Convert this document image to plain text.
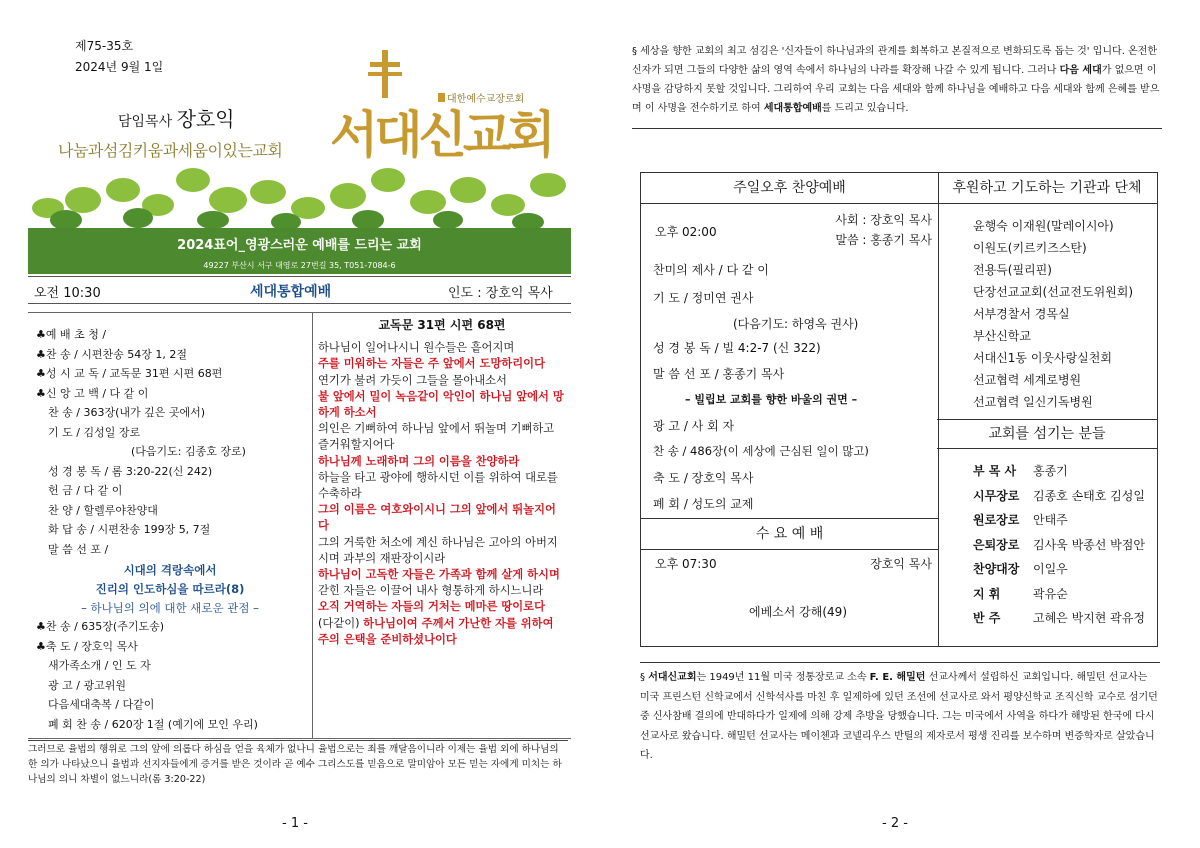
제75-35호
2024년 9월 1일
담임목사 장호익
나눔과섬김키움과세움이있는교회 서대신교회
대한예수교장로회
2024표어_영광스러운 예배를 드리는 교회
49227 부산시 서구 대영로 27번길 35, T051-7084-6
오전 10:30	세대통합예배	인도 : 장호익 목사
♣예 배 초 청 /
♣찬 송 / 시편찬송 54장 1, 2절
♣성 시 교 독 / 교독문 31편 시편 68편
♣신 앙 고 백 / 다 같 이
찬 송 / 363장(내가 깊은 곳에서)
기 도 / 김성일 장로
(다음기도: 김종호 장로)
성 경 봉 독 / 롬 3:20-22(신 242)
헌 금 / 다 같 이
찬 양 / 할렐루야찬양대
화 답 송 / 시편찬송 199장 5, 7절
말 씀 선 포 /
시대의 격랑속에서
진리의 인도하심을 따르라(8)
– 하나님의 의에 대한 새로운 관점 –
♣찬 송 / 635장(주기도송)
♣축 도 / 장호익 목사
새가족소개 / 인 도 자
광 고 / 광고위원
다음세대축복 / 다같이
폐 회 찬 송 / 620장 1절 (예기에 모인 우리)
교독문 31편 시편 68편
하나님이 일어나시니 원수들은 흩어지며
주를 미워하는 자들은 주 앞에서 도망하리이다
연기가 불려 가듯이 그들을 몰아내소서
불 앞에서 밀이 녹음같이 악인이 하나님 앞에서 망하게 하소서
의인은 기뻐하여 하나님 앞에서 뛰놀며 기뻐하고 즐거워할지어다
하나님께 노래하며 그의 이름을 찬양하라
하늘을 타고 광야에 행하시던 이를 위하여 대로를 수축하라
그의 이름은 여호와이시니 그의 앞에서 뛰놀지어다
그의 거룩한 처소에 계신 하나님은 고아의 아버지시며 과부의 재판장이시라
하나님이 고독한 자들은 가족과 함께 살게 하시며
갇힌 자들은 이끌어 내사 형통하게 하시느니라
오직 거역하는 자들의 거처는 메마른 땅이로다
(다같이) 하나님이여 주께서 가난한 자를 위하여 주의 은택을 준비하셨나이다
그러므로 율법의 행위로 그의 앞에 의롭다 하심을 얻을 육체가 없나니 율법으로는 죄를 깨달음이니라 이제는 율법 외에 하나님의 한 의가 나타났으니 율법과 선지자들에게 증거를 받은 것이라 곧 예수 그리스도를 믿음으로 말미암아 모든 믿는 자에게 미치는 하나님의 의니 차별이 없느니라(롬 3:20-22)
- 1 -
§ 세상을 향한 교회의 최고 섬김은 '신자들이 하나님과의 관계를 회복하고 본질적으로 변화되도록 돕는 것' 입니다. 온전한 신자가 되면 그들의 다양한 삶의 영역 속에서 하나님의 나라를 확장해 나갈 수 있게 됩니다. 그러나 다음 세대가 없으면 이 사명을 감당하지 못할 것입니다. 그리하여 우리 교회는 다음 세대와 함께 하나님을 예배하고 다음 세대와 함께 은혜를 받으며 이 사명을 전수하기로 하여 세대통합예배를 드리고 있습니다.
주일오후 찬양예배
오후 02:00
사회 : 장호익 목사
말씀 : 홍종기 목사
찬미의 제사 / 다 같 이
기 도 / 정미연 권사
(다음기도: 하영옥 권사)
성 경 봉 독 / 빌 4:2-7 (신 322)
말 씀 선 포 / 홍종기 목사
– 빌립보 교회를 향한 바울의 권면 –
광 고 / 사 회 자
찬 송 / 486장(이 세상에 근심된 일이 많고)
축 도 / 장호익 목사
폐 회 / 성도의 교제
수 요 예 배
오후 07:30	장호익 목사
에베소서 강해(49)
후원하고 기도하는 기관과 단체
윤행숙 이재원(말레이시아)
이원도(키르키즈스탄)
전용득(필리핀)
단장선교교회(선교전도위원회)
서부경찰서 경목실
부산신학교
서대신1동 이웃사랑실천회
선교협력 세계로병원
선교협력 일신기독병원
교회를 섬기는 분들
부 목 사 홍종기
시무장로 김종호 손태호 김성일
원로장로 안태주
은퇴장로 김사욱 박종선 박점안
찬양대장 이일우
지 휘	곽유순
반 주	고혜은 박지현 곽유정
§ 서대신교회는 1949년 11월 미국 정통장로교 소속 F. E. 해밀턴 선교사께서 설립하신 교회입니다. 해밀턴 선교사는 미국 프린스턴 신학교에서 신학석사를 마친 후 일제하에 있던 조선에 선교사로 와서 평양신학교 조직신학 교수로 섬기던 중 신사참배 결의에 반대하다가 일제에 의해 강제 추방을 당했습니다. 그는 미국에서 사역을 하다가 해방된 한국에 다시 선교사로 왔습니다. 해밀턴 선교사는 메이첸과 코넬리우스 반틸의 제자로서 평생 진리를 보수하며 변증학자로 살았습니다.
- 2 -
